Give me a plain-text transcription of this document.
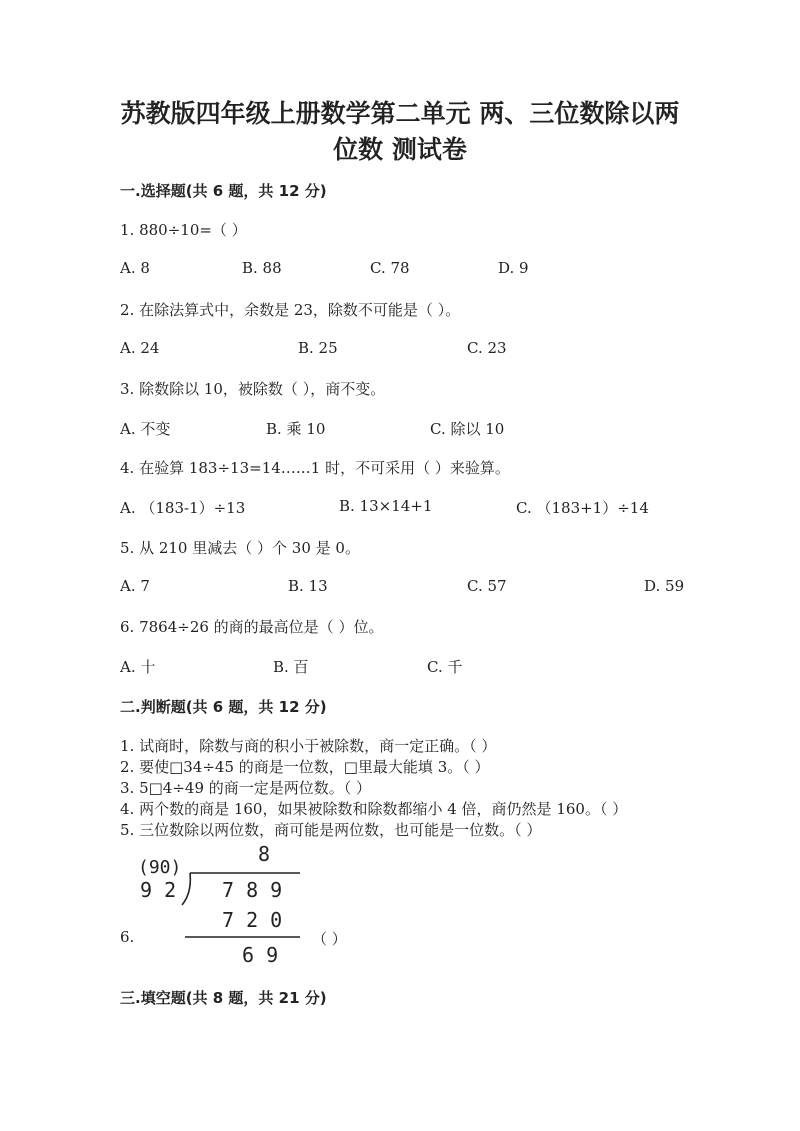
苏教版四年级上册数学第二单元 两、三位数除以两
位数 测试卷
一.选择题(共 6 题，共 12 分)
1. 880÷10=（ ）
A. 8	B. 88	C. 78	D. 9
2. 在除法算式中，余数是 23，除数不可能是（ ）。
A. 24	B. 25	C. 23
3. 除数除以 10，被除数（ ），商不变。
A. 不变	B. 乘 10	C. 除以 10
4. 在验算 183÷13=14……1 时，不可采用（ ）来验算。
A. （183-1）÷13	B. 13×14+1	C. （183+1）÷14
5. 从 210 里减去（ ）个 30 是 0。
A. 7	B. 13	C. 57	D. 59
6. 7864÷26 的商的最高位是（ ）位。
A. 十	B. 百	C. 千
二.判断题(共 6 题，共 12 分)
1. 试商时，除数与商的积小于被除数，商一定正确。（ ）
2. 要使□34÷45 的商是一位数，□里最大能填 3。（ ）
3. 5□4÷49 的商一定是两位数。（ ）
4. 两个数的商是 160，如果被除数和除数都缩小 4 倍，商仍然是 160。（ ）
5. 三位数除以两位数，商可能是两位数，也可能是一位数。（ ）
6.
8
(90)
9 2 7 8 9
7 2 0
6 9
（ ）
三.填空题(共 8 题，共 21 分)
